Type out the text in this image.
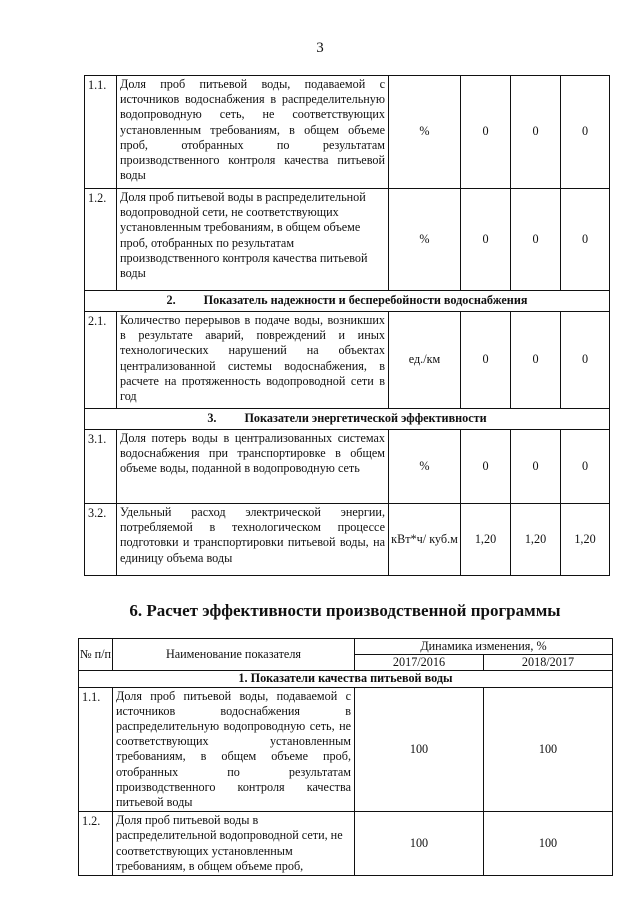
3
1.1.	Доля проб питьевой воды, подаваемой с источников водоснабжения в распределительную водопроводную сеть, не соответствующих установленным требованиям, в общем объеме проб, отобранных по результатам производственного контроля качества питьевой воды	%	0	0	0
1.2.	Доля проб питьевой воды в распределительной водопроводной сети, не соответствующих установленным требованиям, в общем объеме проб, отобранных по результатам производственного контроля качества питьевой воды	%	0	0	0
2. Показатель надежности и бесперебойности водоснабжения					
2.1.	Количество перерывов в подаче воды, возникших в результате аварий, повреждений и иных технологических нарушений на объектах централизованной системы водоснабжения, в расчете на протяженность водопроводной сети в год	ед./км	0	0	0
3. Показатели энергетической эффективности					
3.1.	Доля потерь воды в централизованных системах водоснабжения при транспортировке в общем объеме воды, поданной в водопроводную сеть	%	0	0	0
3.2.	Удельный расход электрической энергии, потребляемой в технологическом процессе подготовки и транспортировки питьевой воды, на единицу объема воды	кВт*ч/ куб.м	1,20	1,20	1,20
6. Расчет эффективности производственной программы
№ п/п	Наименование показателя	Динамика изменения, %	
		2017/2016	2018/2017
1. Показатели качества питьевой воды			
1.1.	Доля проб питьевой воды, подаваемой с источников водоснабжения в распределительную водопроводную сеть, не соответствующих установленным требованиям, в общем объеме проб, отобранных по результатам производственного контроля качества питьевой воды	100	100
1.2.	Доля проб питьевой воды в распределительной водопроводной сети, не соответствующих установленным требованиям, в общем объеме проб,	100	100
